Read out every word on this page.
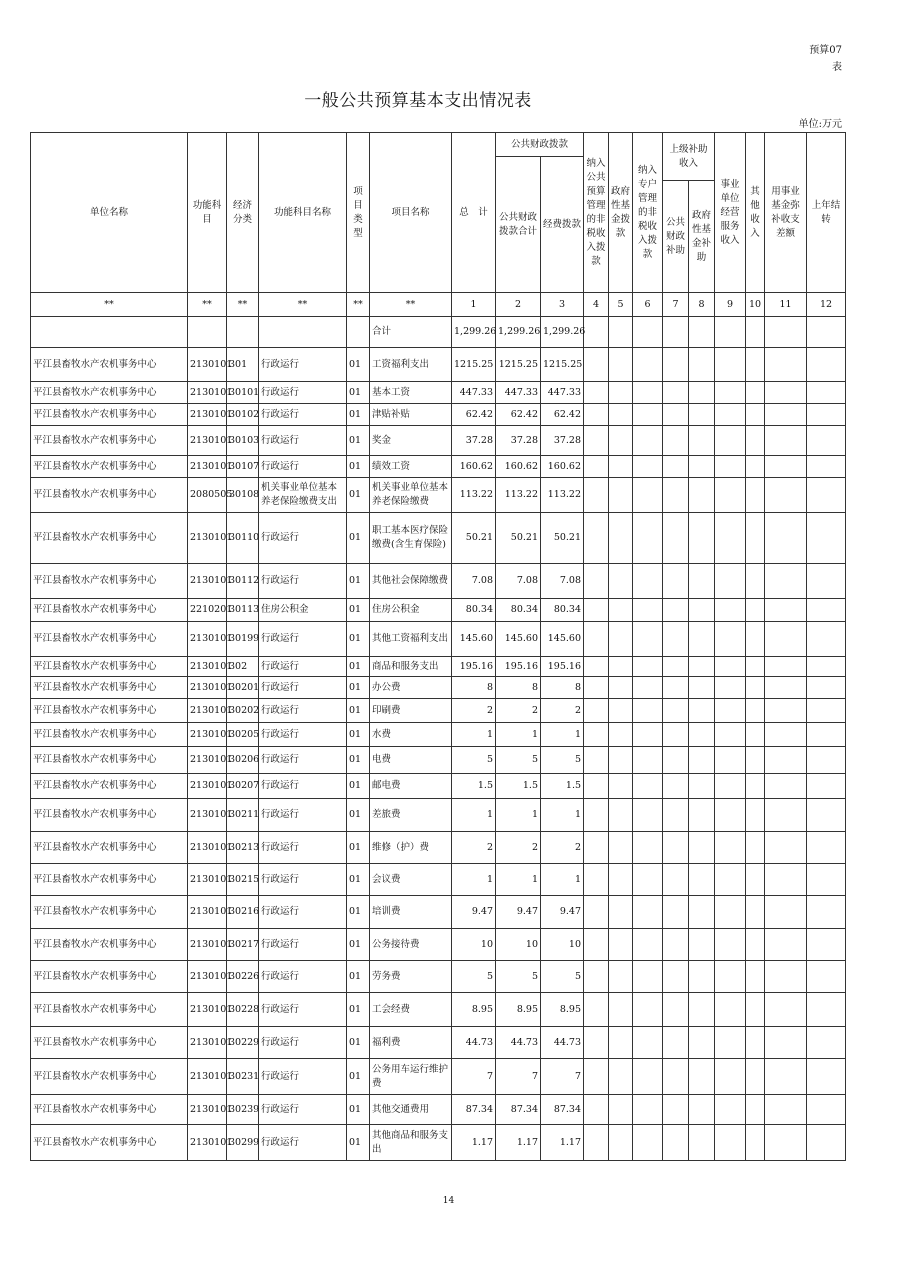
预算07
表
一般公共预算基本支出情况表
单位:万元
单位名称	功能科目	经济分类	功能科目名称	项目类型	项目名称	总　计	公共财政拨款		纳入公共预算管理的非税收入拨款	政府性基金拨款	纳入专户管理的非税收入拨款	上级补助收入		事业单位经营服务收入	其他收入	用事业基金弥补收支差额	上年结转
							公共财政拨款合计	经费拨款									
												公共财政补助	政府性基金补助				
**	**	**	**	**	**	1	2	3	4	5	6	7	8	9	10	11	12
					合计	1,299.26	1,299.26	1,299.26									
平江县畜牧水产农机事务中心	2130101	301	行政运行	01	工资福利支出	1215.25	1215.25	1215.25									
平江县畜牧水产农机事务中心	2130101	30101	行政运行	01	基本工资	447.33	447.33	447.33									
平江县畜牧水产农机事务中心	2130101	30102	行政运行	01	津贴补贴	62.42	62.42	62.42									
平江县畜牧水产农机事务中心	2130101	30103	行政运行	01	奖金	37.28	37.28	37.28									
平江县畜牧水产农机事务中心	2130101	30107	行政运行	01	绩效工资	160.62	160.62	160.62									
平江县畜牧水产农机事务中心	2080505	30108	机关事业单位基本养老保险缴费支出	01	机关事业单位基本养老保险缴费	113.22	113.22	113.22									
平江县畜牧水产农机事务中心	2130101	30110	行政运行	01	职工基本医疗保险缴费(含生育保险)	50.21	50.21	50.21									
平江县畜牧水产农机事务中心	2130101	30112	行政运行	01	其他社会保障缴费	7.08	7.08	7.08									
平江县畜牧水产农机事务中心	2210201	30113	住房公积金	01	住房公积金	80.34	80.34	80.34									
平江县畜牧水产农机事务中心	2130101	30199	行政运行	01	其他工资福利支出	145.60	145.60	145.60									
平江县畜牧水产农机事务中心	2130101	302	行政运行	01	商品和服务支出	195.16	195.16	195.16									
平江县畜牧水产农机事务中心	2130101	30201	行政运行	01	办公费	8	8	8									
平江县畜牧水产农机事务中心	2130101	30202	行政运行	01	印刷费	2	2	2									
平江县畜牧水产农机事务中心	2130101	30205	行政运行	01	水费	1	1	1									
平江县畜牧水产农机事务中心	2130101	30206	行政运行	01	电费	5	5	5									
平江县畜牧水产农机事务中心	2130101	30207	行政运行	01	邮电费	1.5	1.5	1.5									
平江县畜牧水产农机事务中心	2130101	30211	行政运行	01	差旅费	1	1	1									
平江县畜牧水产农机事务中心	2130101	30213	行政运行	01	维修（护）费	2	2	2									
平江县畜牧水产农机事务中心	2130101	30215	行政运行	01	会议费	1	1	1									
平江县畜牧水产农机事务中心	2130101	30216	行政运行	01	培训费	9.47	9.47	9.47									
平江县畜牧水产农机事务中心	2130101	30217	行政运行	01	公务接待费	10	10	10									
平江县畜牧水产农机事务中心	2130101	30226	行政运行	01	劳务费	5	5	5									
平江县畜牧水产农机事务中心	2130101	30228	行政运行	01	工会经费	8.95	8.95	8.95									
平江县畜牧水产农机事务中心	2130101	30229	行政运行	01	福利费	44.73	44.73	44.73									
平江县畜牧水产农机事务中心	2130101	30231	行政运行	01	公务用车运行维护费	7	7	7									
平江县畜牧水产农机事务中心	2130101	30239	行政运行	01	其他交通费用	87.34	87.34	87.34									
平江县畜牧水产农机事务中心	2130101	30299	行政运行	01	其他商品和服务支出	1.17	1.17	1.17									
14
